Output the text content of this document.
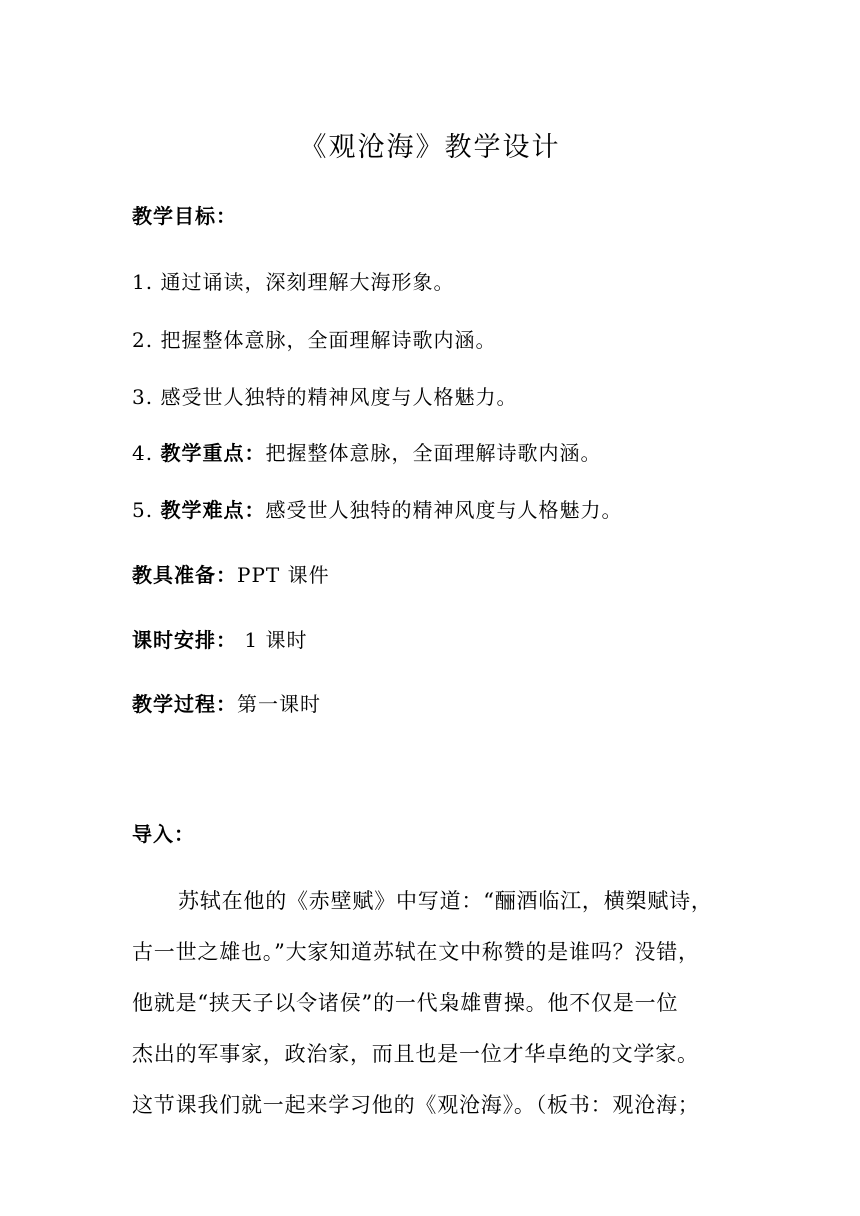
《观沧海》教学设计
教学目标：
1. 通过诵读，深刻理解大海形象。
2. 把握整体意脉，全面理解诗歌内涵。
3. 感受世人独特的精神风度与人格魅力。
4. 教学重点：把握整体意脉，全面理解诗歌内涵。
5. 教学难点：感受世人独特的精神风度与人格魅力。
教具准备：PPT 课件
课时安排： 1 课时
教学过程：第一课时
导入：
苏轼在他的《赤壁赋》中写道：“酾酒临江，横槊赋诗，
古一世之雄也。”大家知道苏轼在文中称赞的是谁吗？没错，
他就是“挟天子以令诸侯”的一代枭雄曹操。他不仅是一位
杰出的军事家，政治家，而且也是一位才华卓绝的文学家。
这节课我们就一起来学习他的《观沧海》。（板书：观沧海；
